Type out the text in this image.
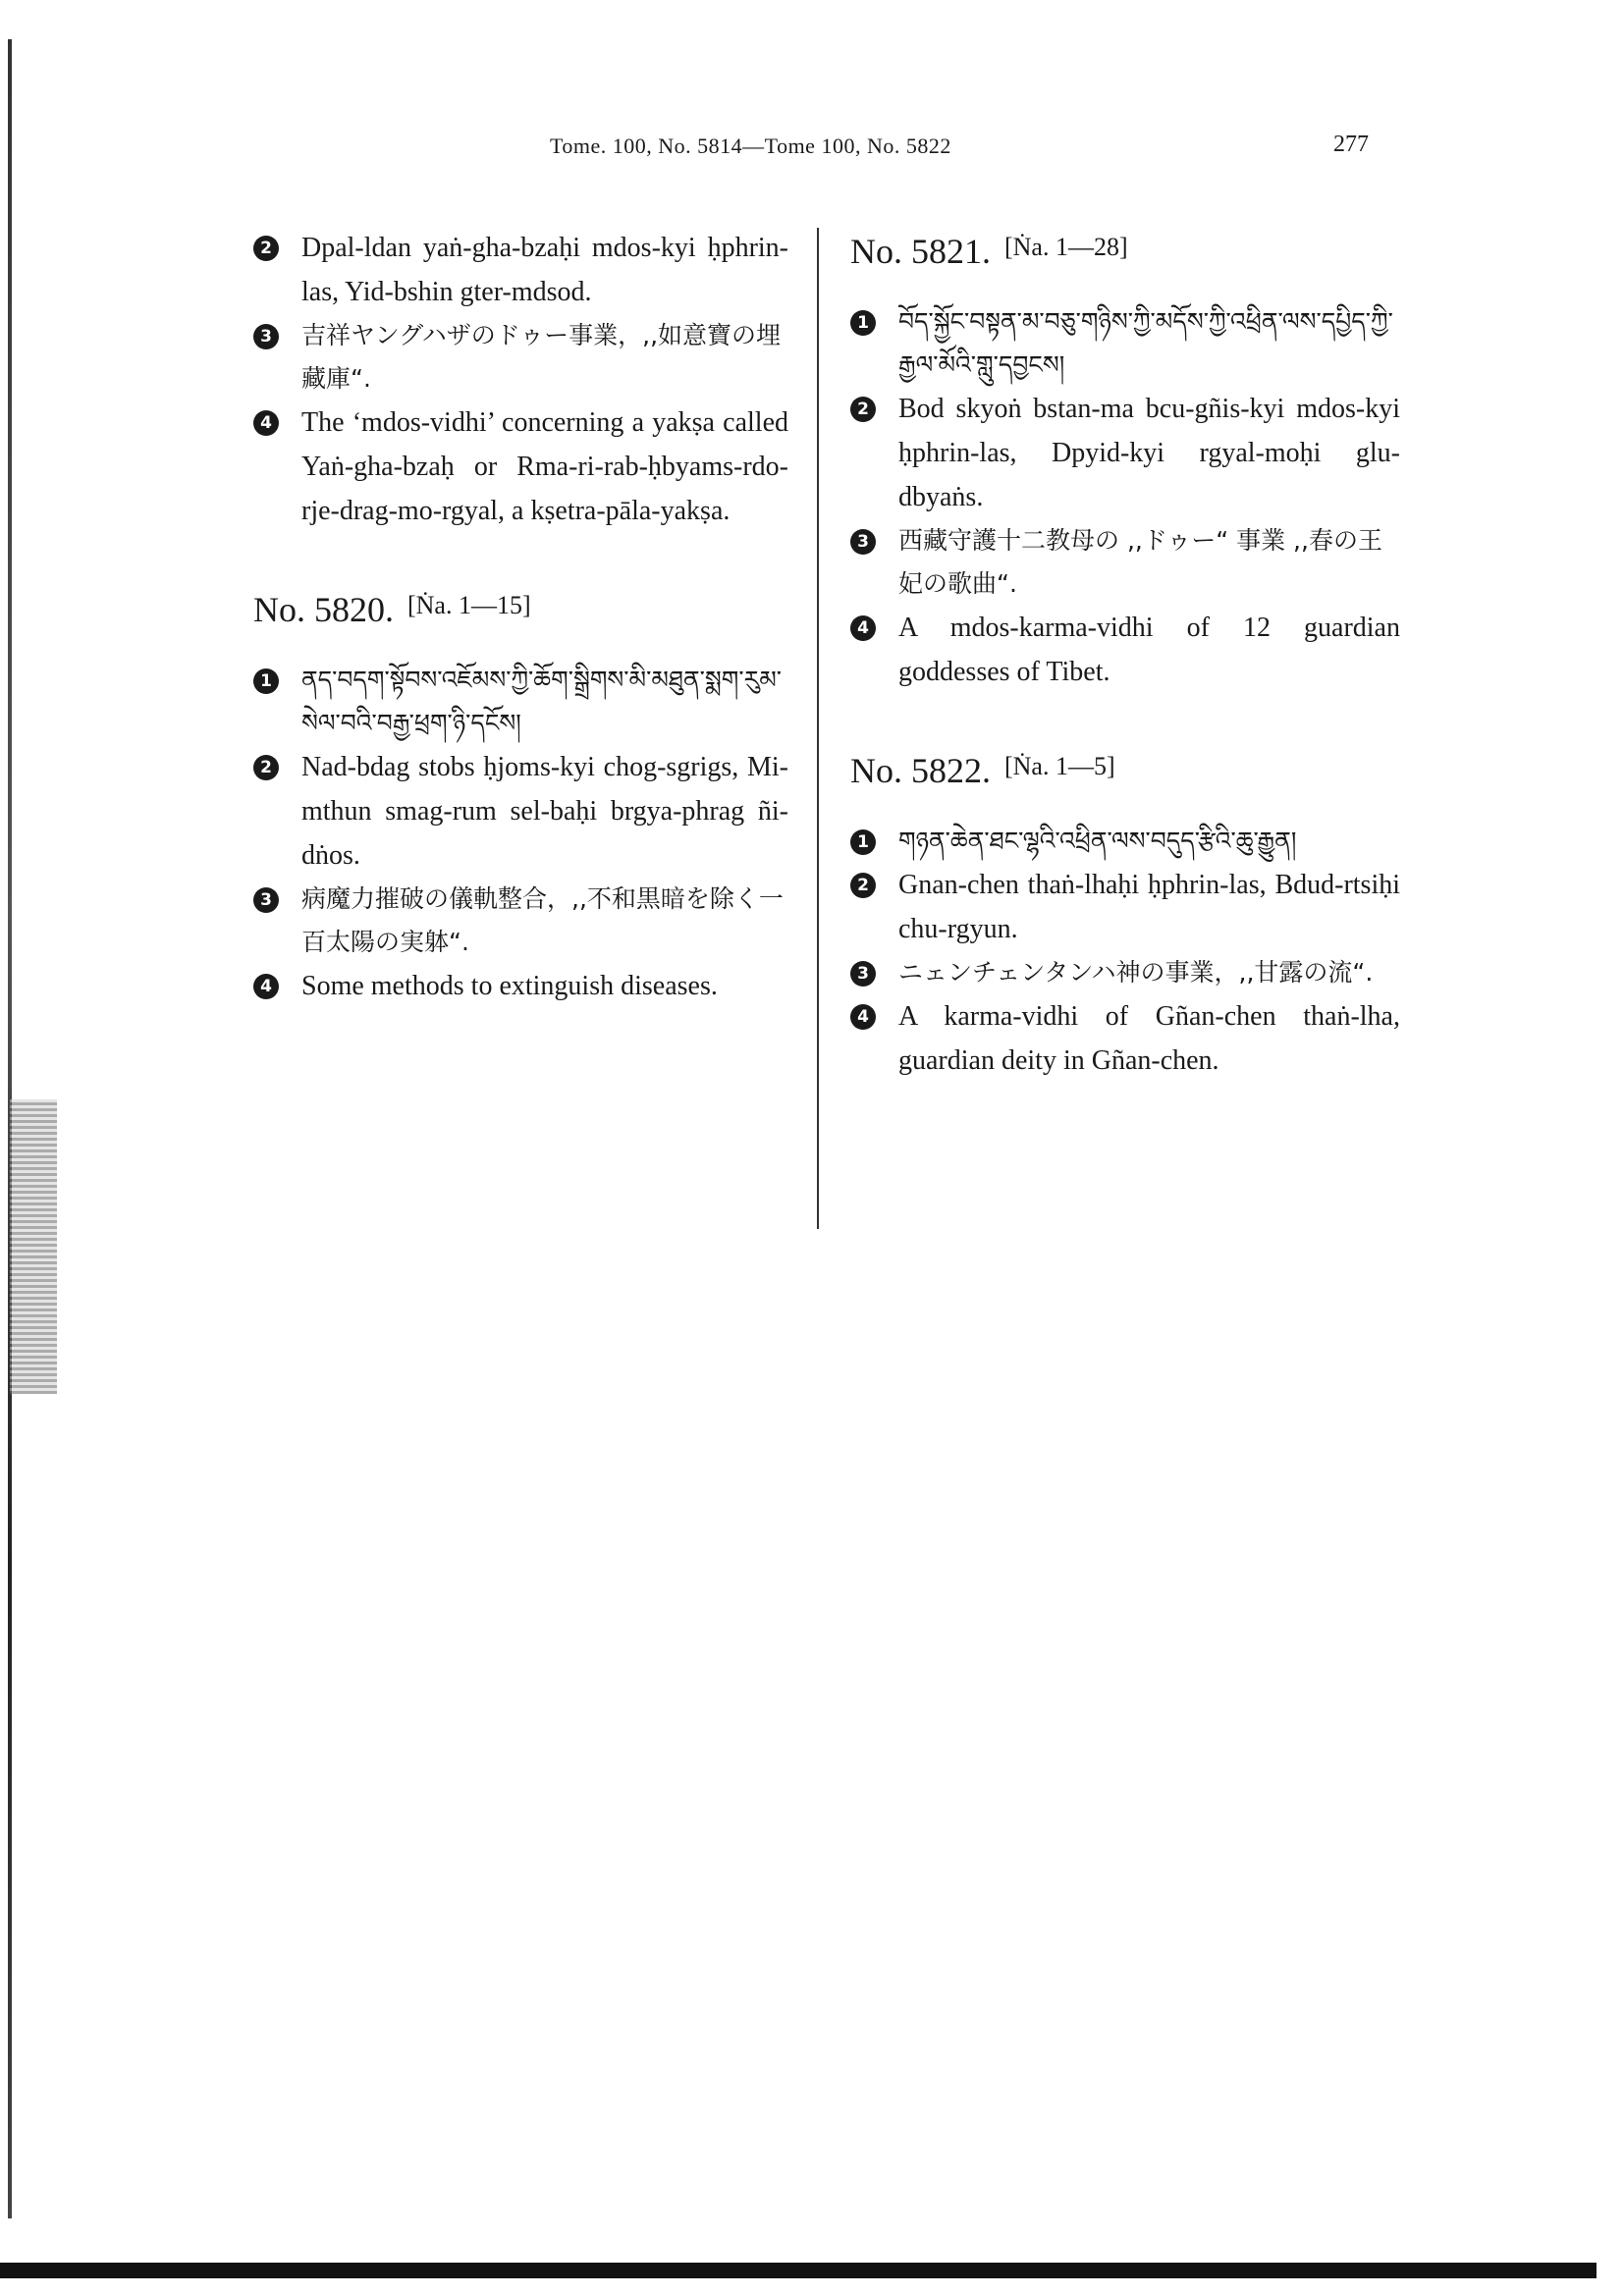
Tome. 100, No. 5814—Tome 100, No. 5822	277
2 Dpal-ldan yaṅ-gha-bzaḥi mdos-kyi ḥphrin-las, Yid-bshin gter-mdsod.
3 吉祥ヤングハザのドゥー事業，,,如意寶の埋藏庫“.
4 The ‘mdos-vidhi’ concerning a yakṣa called Yaṅ-gha-bzaḥ or Rma-ri-rab-ḥbyams-rdo-rje-drag-mo-rgyal, a kṣetra-pāla-yakṣa.
No. 5820. [Ṅa. 1—15]
1 ནད་བདག་སྟོབས་འཇོམས་ཀྱི་ཆོག་སྒྲིགས་མི་མཐུན་སྨག་རུམ་སེལ་བའི་བརྒྱ་ཕྲག་ཉི་དངོས།
2 Nad-bdag stobs ḥjoms-kyi chog-sgrigs, Mi-mthun smag-rum sel-baḥi brgya-phrag ñi-dṅos.
3 病魔力摧破の儀軌整合，,,不和黒暗を除く一百太陽の実躰“.
4 Some methods to extinguish diseases.
No. 5821. [Ṅa. 1—28]
1 བོད་སྐྱོང་བསྟན་མ་བཅུ་གཉིས་ཀྱི་མདོས་ཀྱི་འཕྲིན་ལས་དཔྱིད་ཀྱི་རྒྱལ་མོའི་གླུ་དབྱངས།
2 Bod skyoṅ bstan-ma bcu-gñis-kyi mdos-kyi ḥphrin-las, Dpyid-kyi rgyal-moḥi glu-dbyaṅs.
3 西藏守護十二教母の ,,ドゥー“ 事業 ,,春の王妃の歌曲“.
4 A mdos-karma-vidhi of 12 guardian goddesses of Tibet.
No. 5822. [Ṅa. 1—5]
1 གཉན་ཆེན་ཐང་ལྷའི་འཕྲིན་ལས་བདུད་རྩིའི་ཆུ་རྒྱུན།
2 Gnan-chen thaṅ-lhaḥi ḥphrin-las, Bdud-rtsiḥi chu-rgyun.
3 ニェンチェンタンハ神の事業，,,甘露の流“.
4 A karma-vidhi of Gñan-chen thaṅ-lha, guardian deity in Gñan-chen.
